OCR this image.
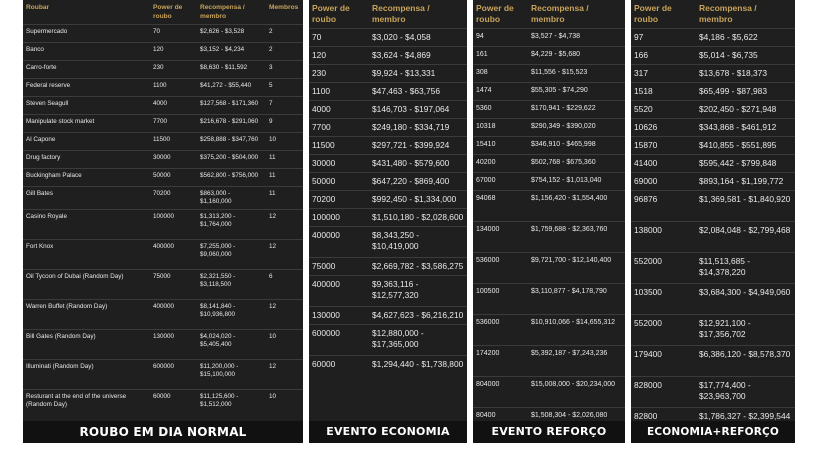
Roubar	Power de roubo	Recompensa / membro	Membros
Supermercado	70	$2,626 - $3,528	2
Banco	120	$3,152 - $4,234	2
Carro-forte	230	$8,630 - $11,592	3
Federal reserve	1100	$41,272 - $55,440	5
Steven Seagull	4000	$127,568 - $171,360	7
Manipulate stock market	7700	$216,678 - $291,060	9
Al Capone	11500	$258,888 - $347,760	10
Drug factory	30000	$375,200 - $504,000	11
Buckingham Palace	50000	$562,800 - $756,000	11
Gill Bates	70200	$863,000 - $1,160,000	11
Casino Royale	100000	$1,313,200 - $1,764,000	12
Fort Knox	400000	$7,255,000 - $9,060,000	12
Oil Tycoon of Dubai (Random Day)	75000	$2,321,550 - $3,118,500	6
Warren Buffet (Random Day)	400000	$8,141,840 - $10,936,800	12
Bill Gates (Random Day)	130000	$4,024,020 - $5,405,400	10
Illuminati (Random Day)	600000	$11,200,000 - $15,100,000	12
Resturant at the end of the universe (Random Day)	60000	$11,125,600 - $1,512,000	10
ROUBO EM DIA NORMAL
Power de roubo	Recompensa / membro
70	$3,020 - $4,058
120	$3,624 - $4,869
230	$9,924 - $13,331
1100	$47,463 - $63,756
4000	$146,703 - $197,064
7700	$249,180 - $334,719
11500	$297,721 - $399,924
30000	$431,480 - $579,600
50000	$647,220 - $869,400
70200	$992,450 - $1,334,000
100000	$1,510,180 - $2,028,600
400000	$8,343,250 - $10,419,000
75000	$2,669,782 - $3,586,275
400000	$9,363,116 - $12,577,320
130000	$4,627,623 - $6,216,210
600000	$12,880,000 - $17,365,000
60000	$1,294,440 - $1,738,800
EVENTO ECONOMIA CRESCE
Power de roubo	Recompensa / membro
94	$3,527 - $4,738
161	$4,229 - $5,680
308	$11,556 - $15,523
1474	$55,305 - $74,290
5360	$170,941 - $229,622
10318	$290,349 - $390,020
15410	$346,910 - $465,998
40200	$502,768 - $675,360
67000	$754,152 - $1,013,040
94068	$1,156,420 - $1,554,400
134000	$1,759,688 - $2,363,760
536000	$9,721,700 - $12,140,400
100500	$3,110,877 - $4,178,790
536000	$10,910,066 - $14,655,312
174200	$5,392,187 - $7,243,236
804000	$15,008,000 - $20,234,000
80400	$1,508,304 - $2,026,080
EVENTO REFORÇO POLICIAL
Power de roubo	Recompensa / membro
97	$4,186 - $5,622
166	$5,014 - $6,735
317	$13,678 - $18,373
1518	$65,499 - $87,983
5520	$202,450 - $271,948
10626	$343,868 - $461,912
15870	$410,855 - $551,895
41400	$595,442 - $799,848
69000	$893,164 - $1,199,772
96876	$1,369,581 - $1,840,920
138000	$2,084,048 - $2,799,468
552000	$11,513,685 - $14,378,220
103500	$3,684,300 - $4,949,060
552000	$12,921,100 - $17,356,702
179400	$6,386,120 - $8,578,370
828000	$17,774,400 - $23,963,700
82800	$1,786,327 - $2,399,544
ECONOMIA+REFORÇO POLICIAL
